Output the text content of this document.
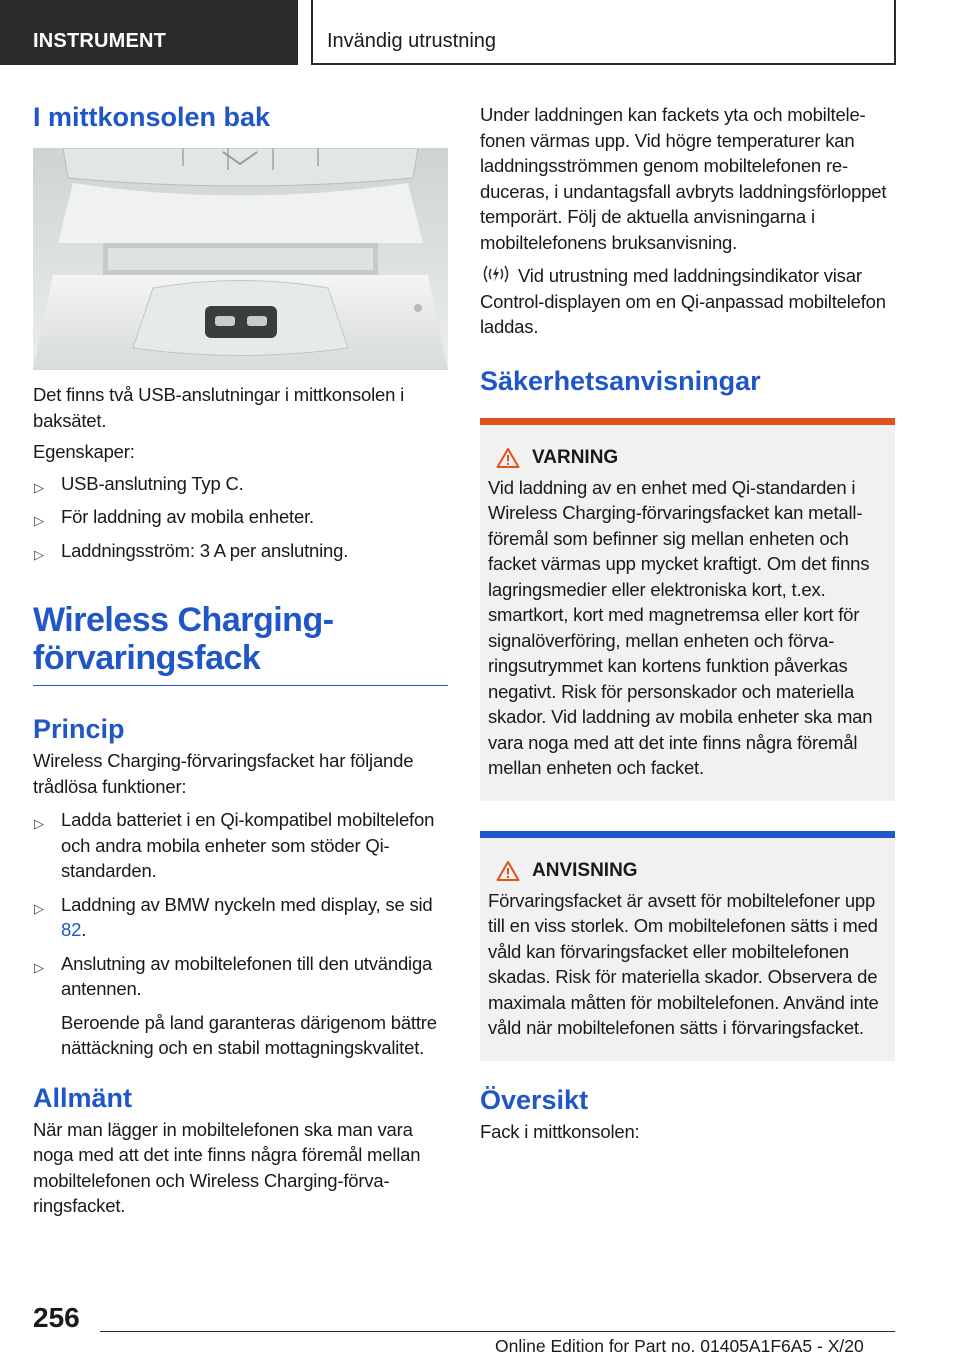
INSTRUMENT	Invändig utrustning
I mittkonsolen bak

Det finns två USB-anslutningar i mittkonsolen i baksätet.

Egenskaper:

▷ USB-anslutning Typ C.
▷ För laddning av mobila enheter.
▷ Laddningsström: 3 A per anslutning.
Wireless Charging-förvaringsfack
Princip

Wireless Charging-förvaringsfacket har följande trådlösa funktioner:

▷ Ladda batteriet i en Qi-kompatibel mobiltelefon och andra mobila enheter som stöder Qi-standarden.
▷ Laddning av BMW nyckeln med display, se sid 82.
▷ Anslutning av mobiltelefonen till den utvändiga antennen.
Beroende på land garanteras därigenom bättre nättäckning och en stabil mottagningskvalitet.
Allmänt

När man lägger in mobiltelefonen ska man vara noga med att det inte finns några föremål mellan mobiltelefonen och Wireless Charging-förvaringsfacket.

Under laddningen kan fackets yta och mobiltelefonen värmas upp. Vid högre temperaturer kan laddningsströmmen genom mobiltelefonen reduceras, i undantagsfall avbryts laddningsförloppet temporärt. Följ de aktuella anvisningarna i mobiltelefonens bruksanvisning.

Vid utrustning med laddningsindikator visar Control-displayen om en Qi-anpassad mobiltelefon laddas.

Säkerhetsanvisningar
VARNING

Vid laddning av en enhet med Qi-standarden i Wireless Charging-förvaringsfacket kan metallföremål som befinner sig mellan enheten och facket värmas upp mycket kraftigt. Om det finns lagringsmedier eller elektroniska kort, t.ex. smartkort, kort med magnetremsa eller kort för signalöverföring, mellan enheten och förvaringsutrymmet kan kortens funktion påverkas negativt. Risk för personskador och materiella skador. Vid laddning av mobila enheter ska man vara noga med att det inte finns några föremål mellan enheten och facket.

ANVISNING

Förvaringsfacket är avsett för mobiltelefoner upp till en viss storlek. Om mobiltelefonen sätts i med våld kan förvaringsfacket eller mobiltelefonen skadas. Risk för materiella skador. Observera de maximala måtten för mobiltelefonen. Använd inte våld när mobiltelefonen sätts i förvaringsfacket.

Översikt

Fack i mittkonsolen:

256
Online Edition for Part no. 01405A1F6A5 - X/20
